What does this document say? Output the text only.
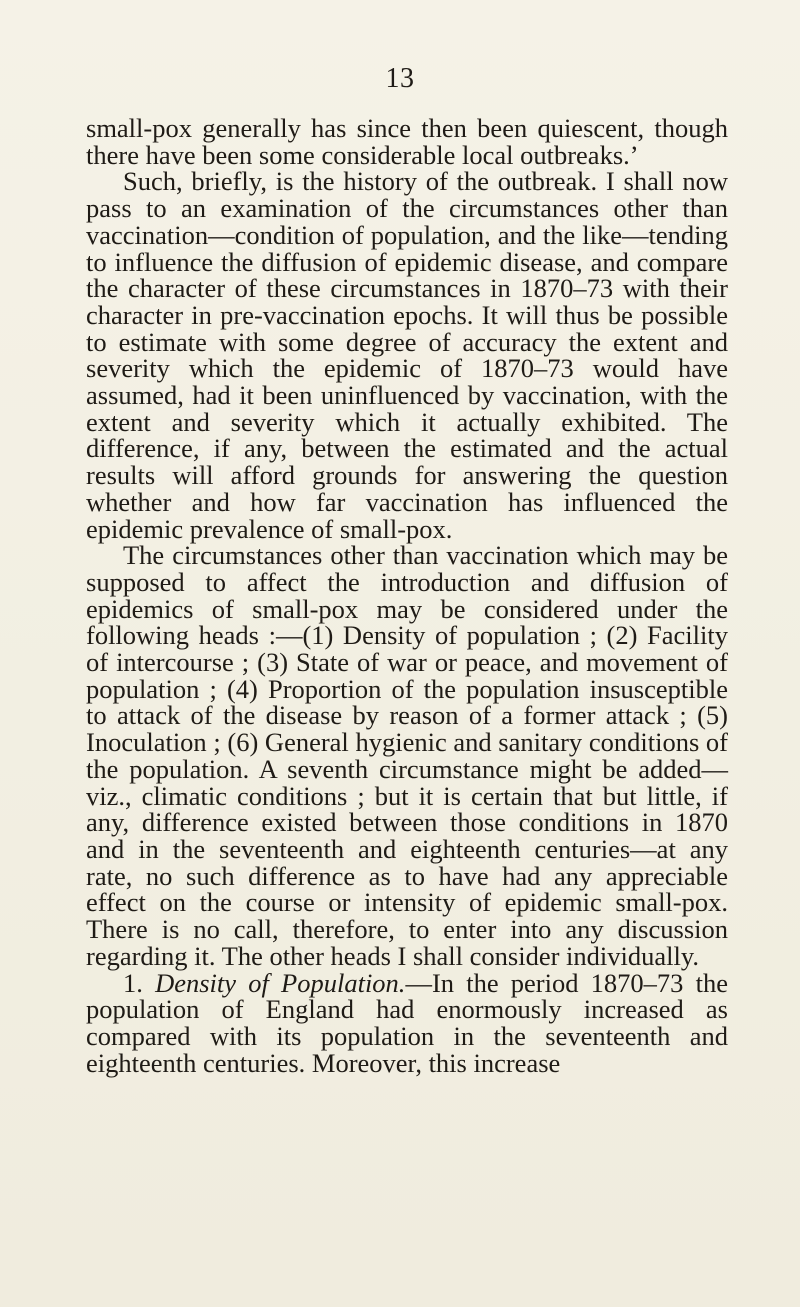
13

small-pox generally has since then been quiescent, though there have been some considerable local outbreaks.’

Such, briefly, is the history of the outbreak. I shall now pass to an examination of the circumstances other than vaccination—condition of population, and the like—tending to influence the diffusion of epidemic disease, and compare the character of these circumstances in 1870–73 with their character in pre-vaccination epochs. It will thus be possible to estimate with some degree of accuracy the extent and severity which the epidemic of 1870–73 would have assumed, had it been uninfluenced by vaccination, with the extent and severity which it actually exhibited. The difference, if any, between the estimated and the actual results will afford grounds for answering the question whether and how far vaccination has influenced the epidemic prevalence of small-pox.

The circumstances other than vaccination which may be supposed to affect the introduction and diffusion of epidemics of small-pox may be considered under the following heads :—(1) Density of population ; (2) Facility of intercourse ; (3) State of war or peace, and movement of population ; (4) Proportion of the population insusceptible to attack of the disease by reason of a former attack ; (5) Inoculation ; (6) General hygienic and sanitary conditions of the population. A seventh circumstance might be added—viz., climatic conditions ; but it is certain that but little, if any, difference existed between those conditions in 1870 and in the seventeenth and eighteenth centuries—at any rate, no such difference as to have had any appreciable effect on the course or intensity of epidemic small-pox. There is no call, therefore, to enter into any discussion regarding it. The other heads I shall consider individually.

1. Density of Population.—In the period 1870–73 the population of England had enormously increased as compared with its population in the seventeenth and eighteenth centuries. Moreover, this increase
